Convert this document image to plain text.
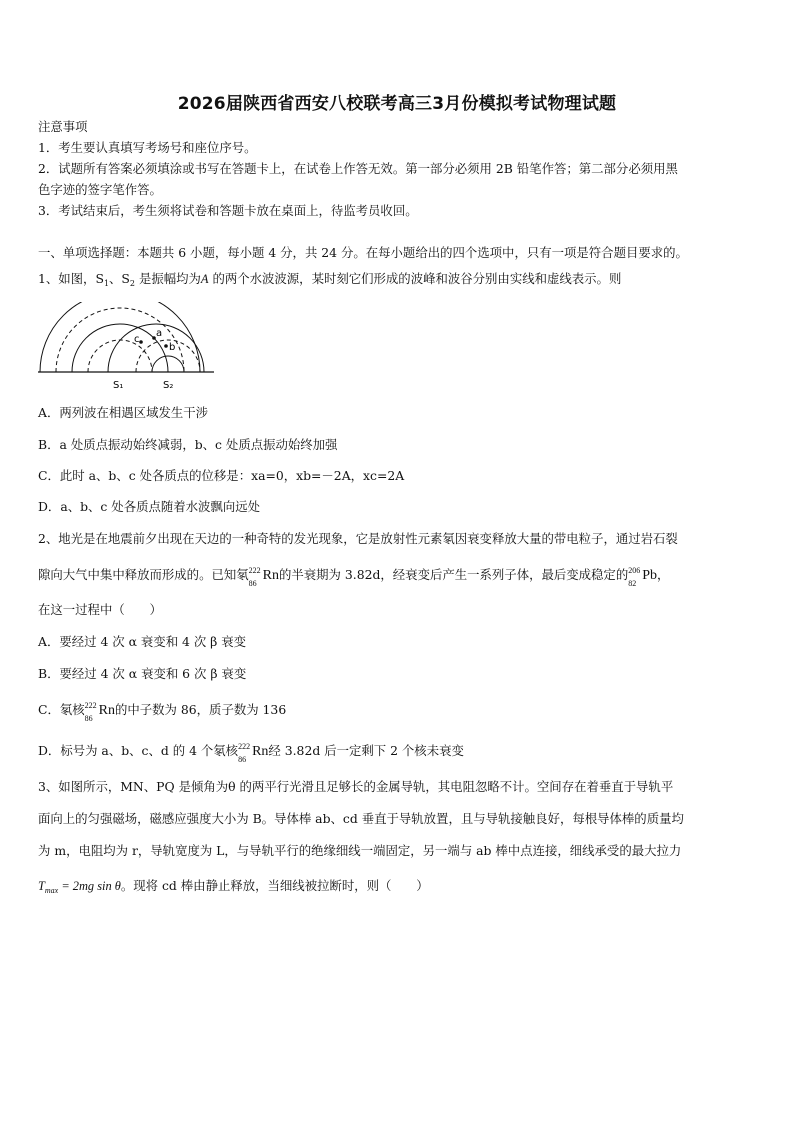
2026届陕西省西安八校联考高三3月份模拟考试物理试题
注意事项
1．考生要认真填写考场号和座位序号。
2．试题所有答案必须填涂或书写在答题卡上，在试卷上作答无效。第一部分必须用 2B 铅笔作答；第二部分必须用黑
色字迹的签字笔作答。
3．考试结束后，考生须将试卷和答题卡放在桌面上，待监考员收回。
一、单项选择题：本题共 6 小题，每小题 4 分，共 24 分。在每小题给出的四个选项中，只有一项是符合题目要求的。
1、如图，$S_1$、$S_2$ 是振幅均为A 的两个水波波源，某时刻它们形成的波峰和波谷分别由实线和虚线表示。则
a
b
c
S₁	S₂
A．两列波在相遇区域发生干涉
B．a 处质点振动始终减弱，b、c 处质点振动始终加强
C．此时 a、b、c 处各质点的位移是：xa=0，xb=－2A，xc=2A
D．a、b、c 处各质点随着水波飘向远处
2、地光是在地震前夕出现在天边的一种奇特的发光现象，它是放射性元素氡因衰变释放大量的带电粒子，通过岩石裂
隙向大气中集中释放而形成的。已知氡 222
86
Rn的半衰期为 3.82d，经衰变后产生一系列子体，最后变成稳定的 206
82
Pb，
在这一过程中（　　）
A．要经过 4 次 α 衰变和 4 次 β 衰变
B．要经过 4 次 α 衰变和 6 次 β 衰变
C．氡核 222
86
Rn的中子数为 86，质子数为 136
D．标号为 a、b、c、d 的 4 个氡核 222
86
Rn经 3.82d 后一定剩下 2 个核未衰变
3、如图所示，MN、PQ 是倾角为θ 的两平行光滑且足够长的金属导轨，其电阻忽略不计。空间存在着垂直于导轨平
面向上的匀强磁场，磁感应强度大小为 B。导体棒 ab、cd 垂直于导轨放置，且与导轨接触良好，每根导体棒的质量均
为 m，电阻均为 r，导轨宽度为 L，与导轨平行的绝缘细线一端固定，另一端与 ab 棒中点连接，细线承受的最大拉力
$T_{max} = 2mg$ sin θ。现将 cd 棒由静止释放，当细线被拉断时，则（　　）
